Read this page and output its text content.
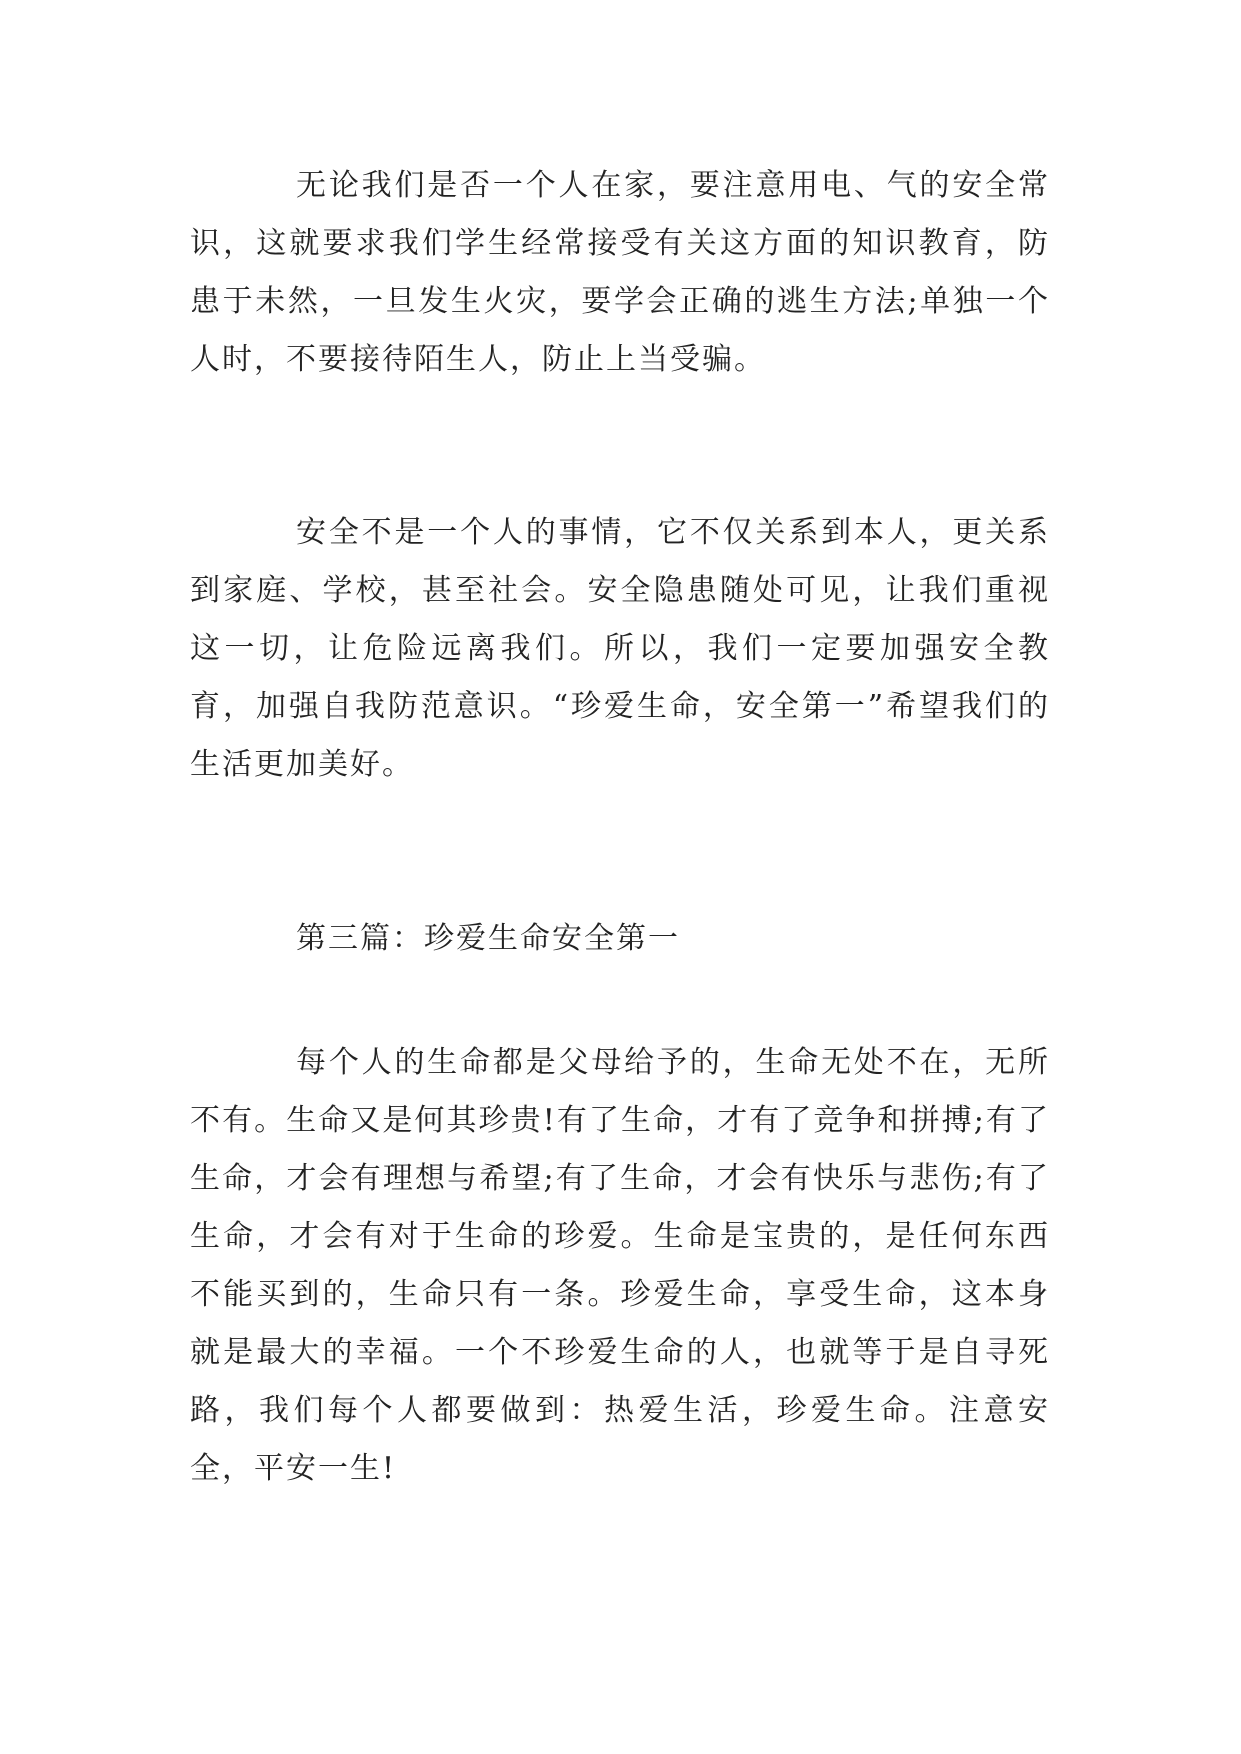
无论我们是否一个人在家，要注意用电、气的安全常识，这就要求我们学生经常接受有关这方面的知识教育，防患于未然，一旦发生火灾，要学会正确的逃生方法;单独一个人时，不要接待陌生人，防止上当受骗。

安全不是一个人的事情，它不仅关系到本人，更关系到家庭、学校，甚至社会。安全隐患随处可见，让我们重视这一切，让危险远离我们。所以，我们一定要加强安全教育，加强自我防范意识。“珍爱生命，安全第一”希望我们的生活更加美好。

第三篇：珍爱生命安全第一

每个人的生命都是父母给予的，生命无处不在，无所不有。生命又是何其珍贵!有了生命，才有了竞争和拼搏;有了生命，才会有理想与希望;有了生命，才会有快乐与悲伤;有了生命，才会有对于生命的珍爱。生命是宝贵的，是任何东西不能买到的，生命只有一条。珍爱生命，享受生命，这本身就是最大的幸福。一个不珍爱生命的人，也就等于是自寻死路，我们每个人都要做到：热爱生活，珍爱生命。注意安全，平安一生!
